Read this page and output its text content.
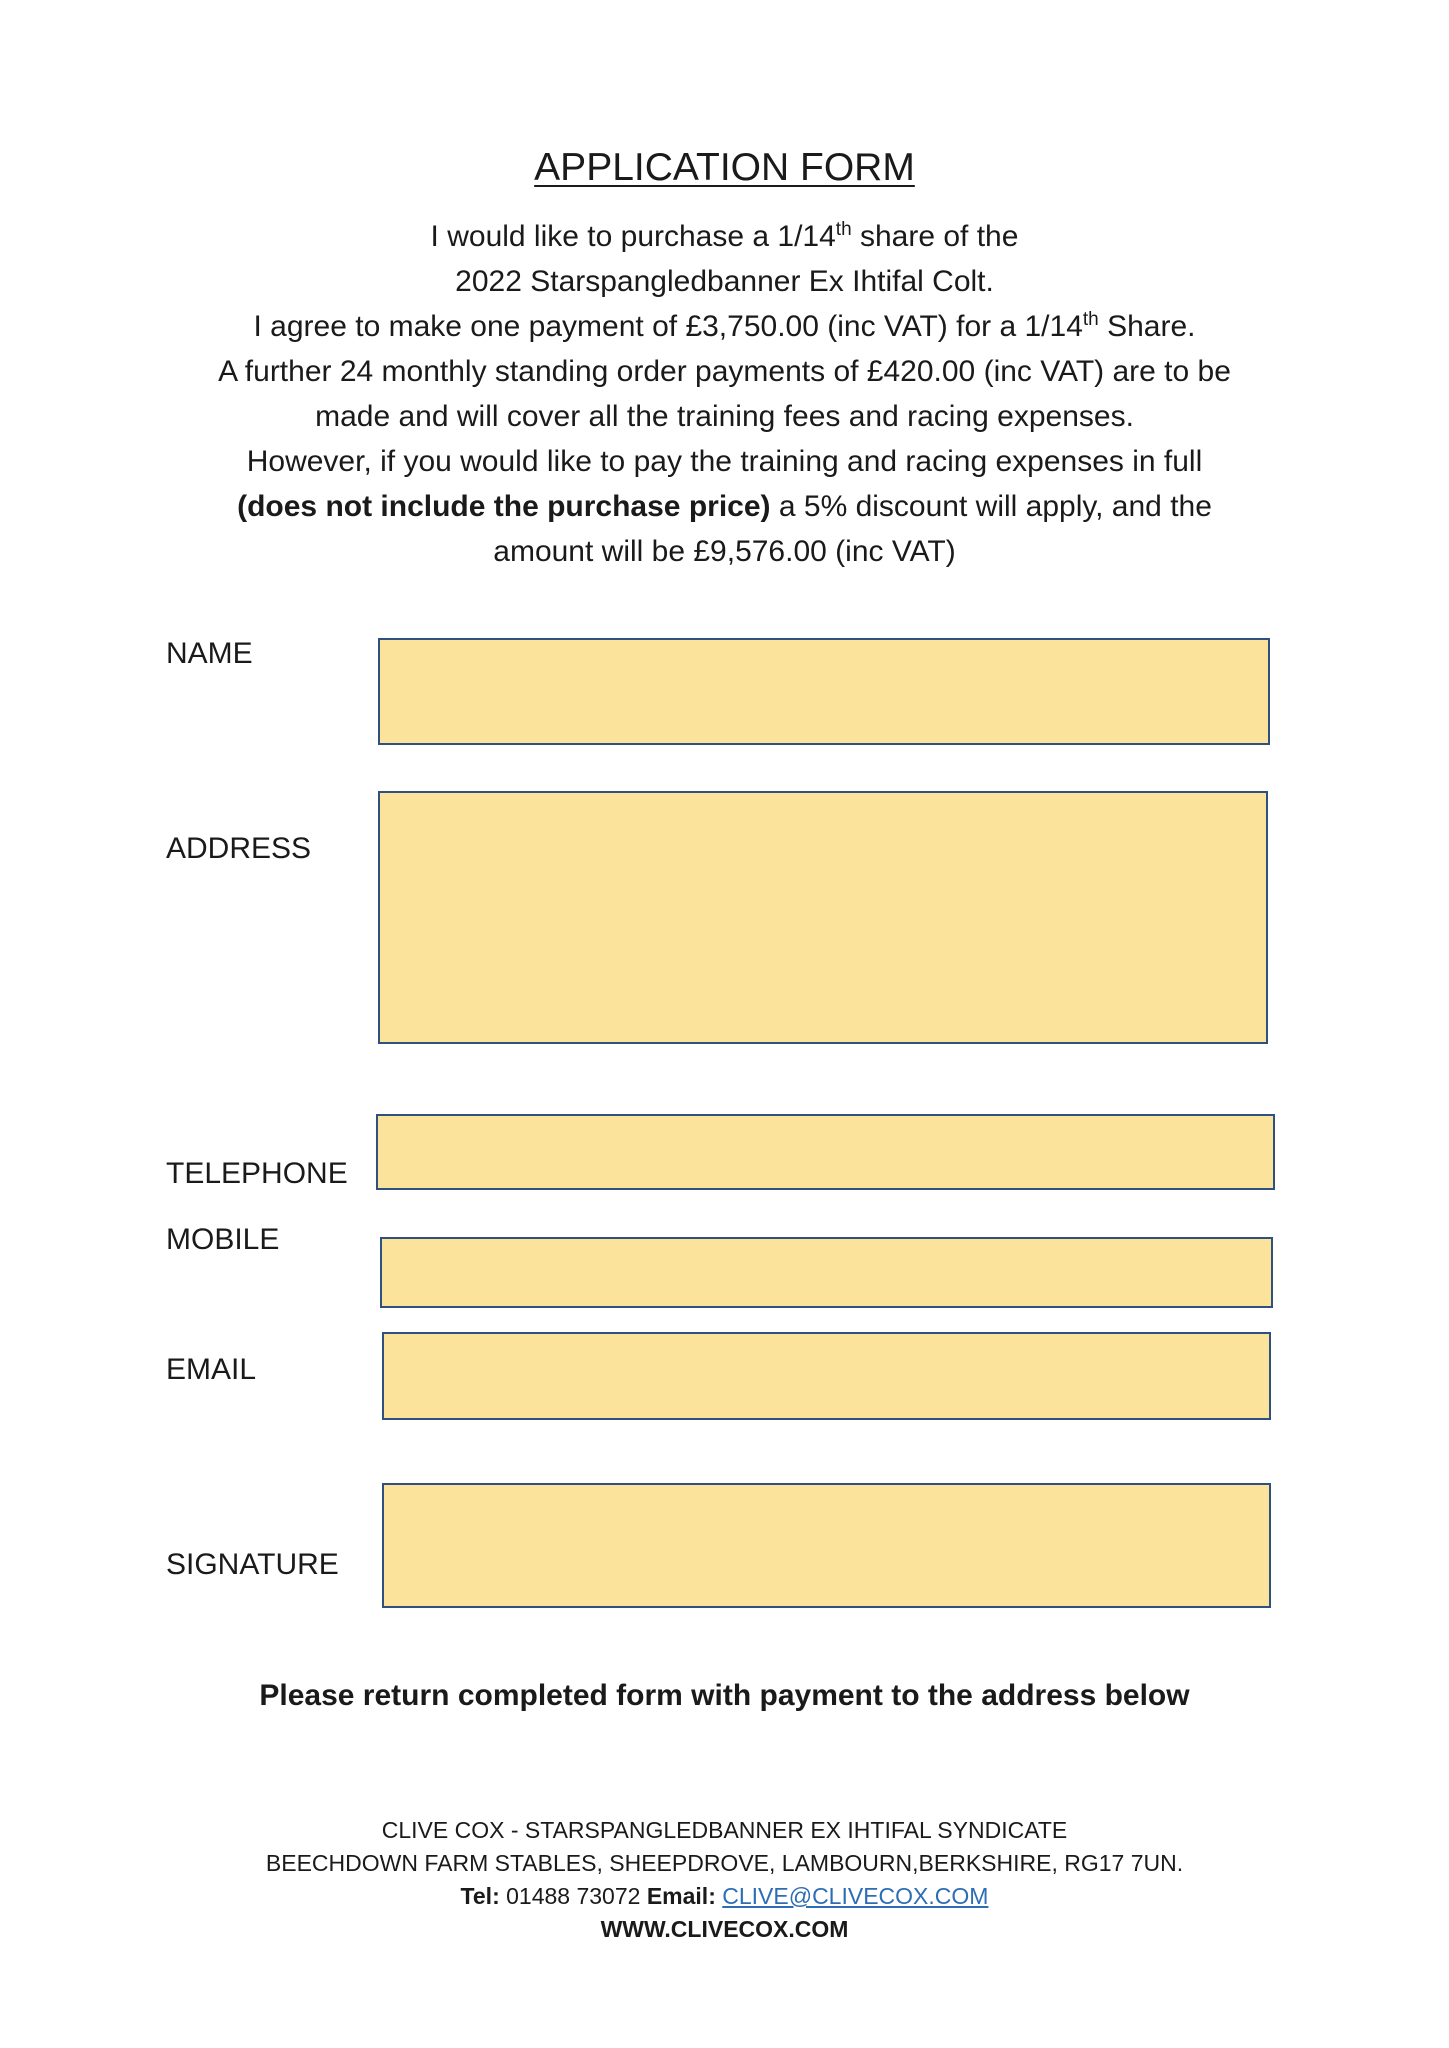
APPLICATION FORM
I would like to purchase a 1/14th share of the
2022 Starspangledbanner Ex Ihtifal Colt.
I agree to make one payment of £3,750.00 (inc VAT) for a 1/14th Share.
A further 24 monthly standing order payments of £420.00 (inc VAT) are to be
made and will cover all the training fees and racing expenses.
However, if you would like to pay the training and racing expenses in full
(does not include the purchase price) a 5% discount will apply, and the
amount will be £9,576.00 (inc VAT)
NAME
ADDRESS
TELEPHONE
MOBILE
EMAIL
SIGNATURE
Please return completed form with payment to the address below
CLIVE COX - STARSPANGLEDBANNER EX IHTIFAL SYNDICATE
BEECHDOWN FARM STABLES, SHEEPDROVE, LAMBOURN,BERKSHIRE, RG17 7UN.
Tel: 01488 73072 Email: CLIVE@CLIVECOX.COM
WWW.CLIVECOX.COM
